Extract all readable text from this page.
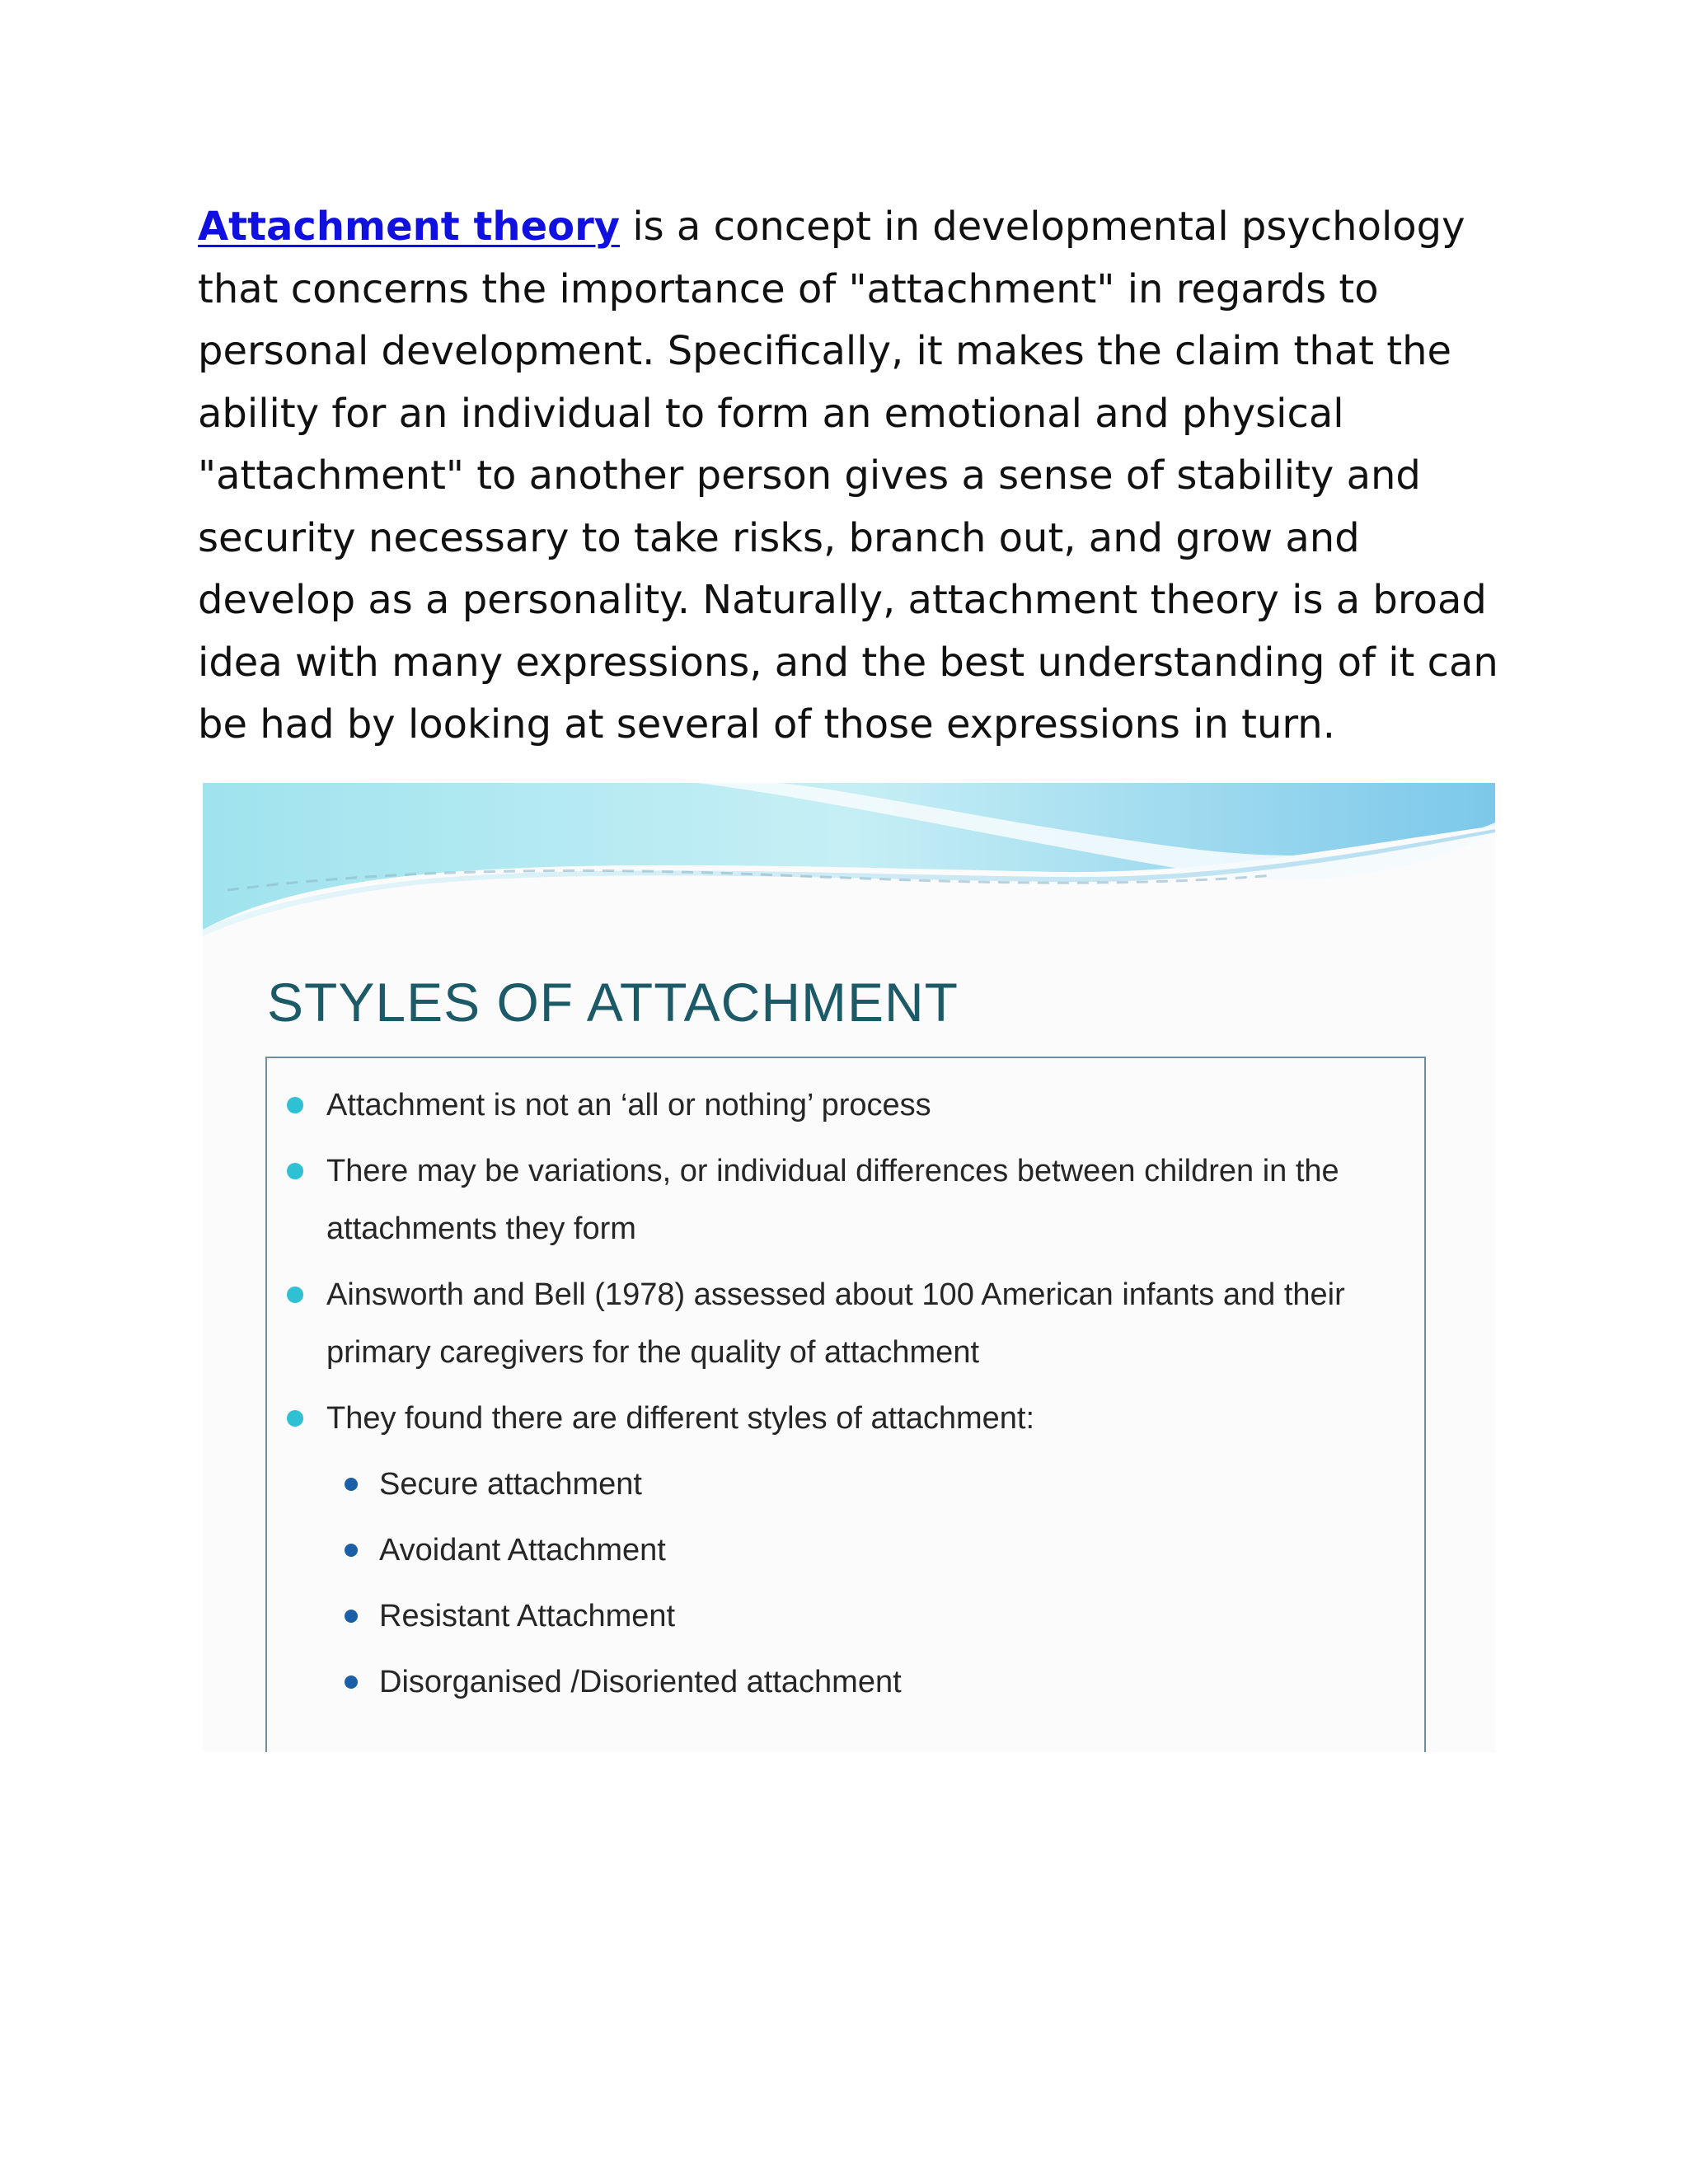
Attachment theory is a concept in developmental psychology that concerns the importance of "attachment" in regards to personal development. Specifically, it makes the claim that the ability for an individual to form an emotional and physical "attachment" to another person gives a sense of stability and security necessary to take risks, branch out, and grow and develop as a personality. Naturally, attachment theory is a broad idea with many expressions, and the best understanding of it can be had by looking at several of those expressions in turn.

STYLES OF ATTACHMENT
Attachment is not an ‘all or nothing’ process
There may be variations, or individual differences between children in the attachments they form
Ainsworth and Bell (1978) assessed about 100 American infants and their primary caregivers for the quality of attachment
They found there are different styles of attachment:
Secure attachment
Avoidant Attachment
Resistant Attachment
Disorganised /Disoriented attachment
